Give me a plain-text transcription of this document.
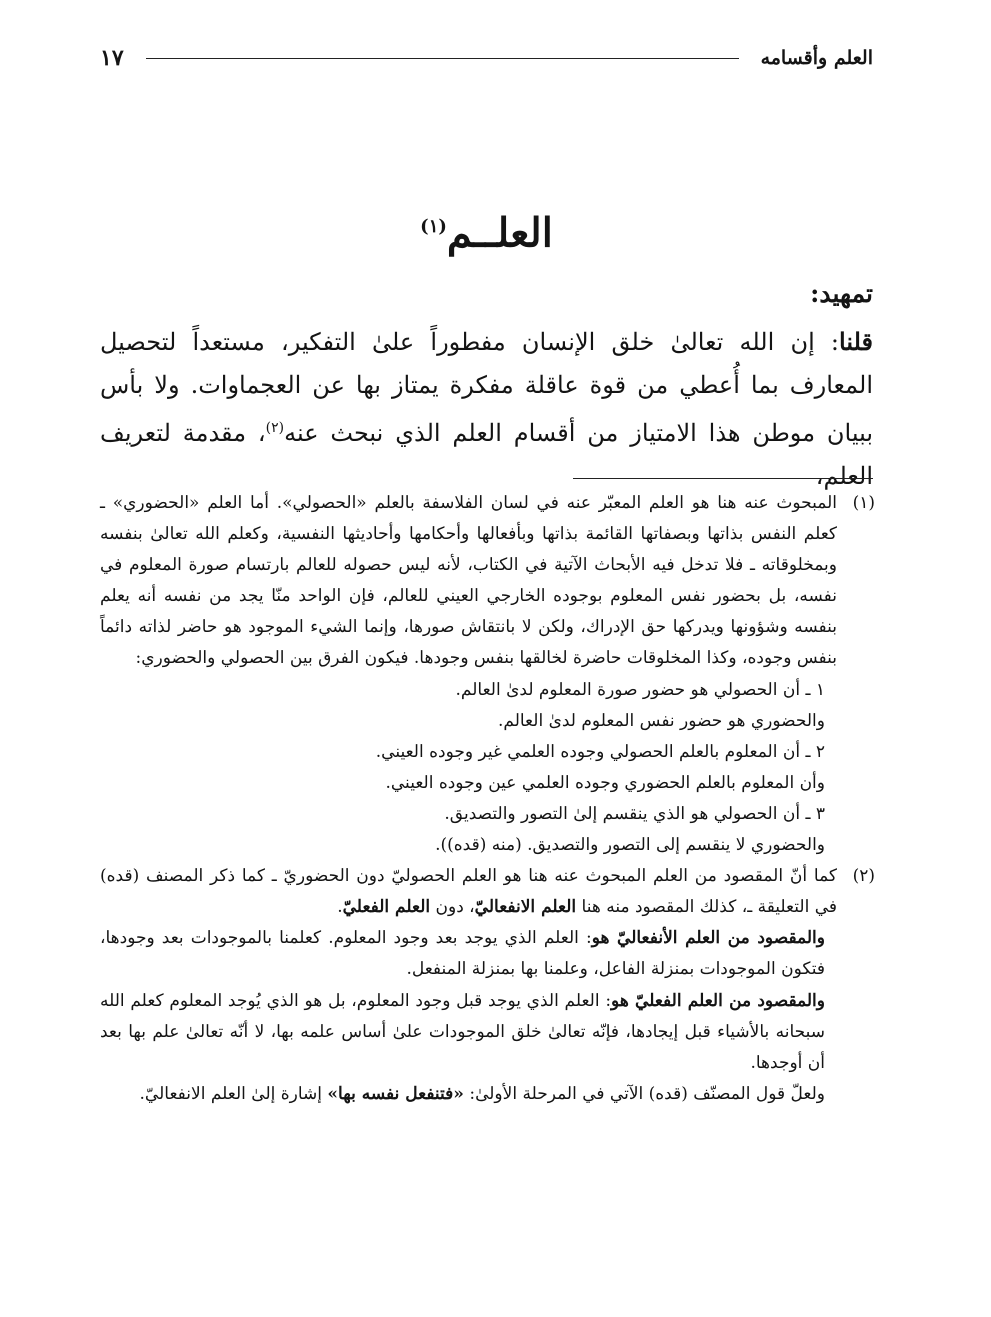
العلم وأقسامه
١٧
العلــم$^{(١)}$
تمهيد:

قلنا: إن الله تعالىٰ خلق الإنسان مفطوراً علىٰ التفكير، مستعداً لتحصيل المعارف بما أُعطي من قوة عاقلة مفكرة يمتاز بها عن العجماوات. ولا بأس ببيان موطن هذا الامتياز من أقسام العلم الذي نبحث عنه$^{(٢)}$، مقدمة لتعريف العلم،

(١)

المبحوث عنه هنا هو العلم المعبّر عنه في لسان الفلاسفة بالعلم «الحصولي». أما العلم «الحضوري» ـ كعلم النفس بذاتها وبصفاتها القائمة بذاتها وبأفعالها وأحكامها وأحاديثها النفسية، وكعلم الله تعالىٰ بنفسه وبمخلوقاته ـ فلا تدخل فيه الأبحاث الآتية في الكتاب، لأنه ليس حصوله للعالم بارتسام صورة المعلوم في نفسه، بل بحضور نفس المعلوم بوجوده الخارجي العيني للعالم، فإن الواحد منّا يجد من نفسه أنه يعلم بنفسه وشؤونها ويدركها حق الإدراك، ولكن لا بانتقاش صورها، وإنما الشيء الموجود هو حاضر لذاته دائماً بنفس وجوده، وكذا المخلوقات حاضرة لخالقها بنفس وجودها. فيكون الفرق بين الحصولي والحضوري:

١ ـ أن الحصولي هو حضور صورة المعلوم لدىٰ العالم.

والحضوري هو حضور نفس المعلوم لدىٰ العالم.

٢ ـ أن المعلوم بالعلم الحصولي وجوده العلمي غير وجوده العيني.

وأن المعلوم بالعلم الحضوري وجوده العلمي عين وجوده العيني.

٣ ـ أن الحصولي هو الذي ينقسم إلىٰ التصور والتصديق.

والحضوري لا ينقسم إلى التصور والتصديق. (منه (قده)).

(٢)

كما أنّ المقصود من العلم المبحوث عنه هنا هو العلم الحصوليّ دون الحضوريّ ـ كما ذكر المصنف (قده) في التعليقة ـ، كذلك المقصود منه هنا العلم الانفعاليّ، دون العلم الفعليّ.

والمقصود من العلم الأنفعاليّ هو: العلم الذي يوجد بعد وجود المعلوم. كعلمنا بالموجودات بعد وجودها، فتكون الموجودات بمنزلة الفاعل، وعلمنا بها بمنزلة المنفعل.

والمقصود من العلم الفعليّ هو: العلم الذي يوجد قبل وجود المعلوم، بل هو الذي يُوجد المعلوم كعلم الله سبحانه بالأشياء قبل إيجادها، فإنّه تعالىٰ خلق الموجودات علىٰ أساس علمه بها، لا أنّه تعالىٰ علم بها بعد أن أوجدها.

ولعلّ قول المصنّف (قده) الآتي في المرحلة الأولىٰ: «فتنفعل نفسه بها» إشارة إلىٰ العلم الانفعاليّ.
